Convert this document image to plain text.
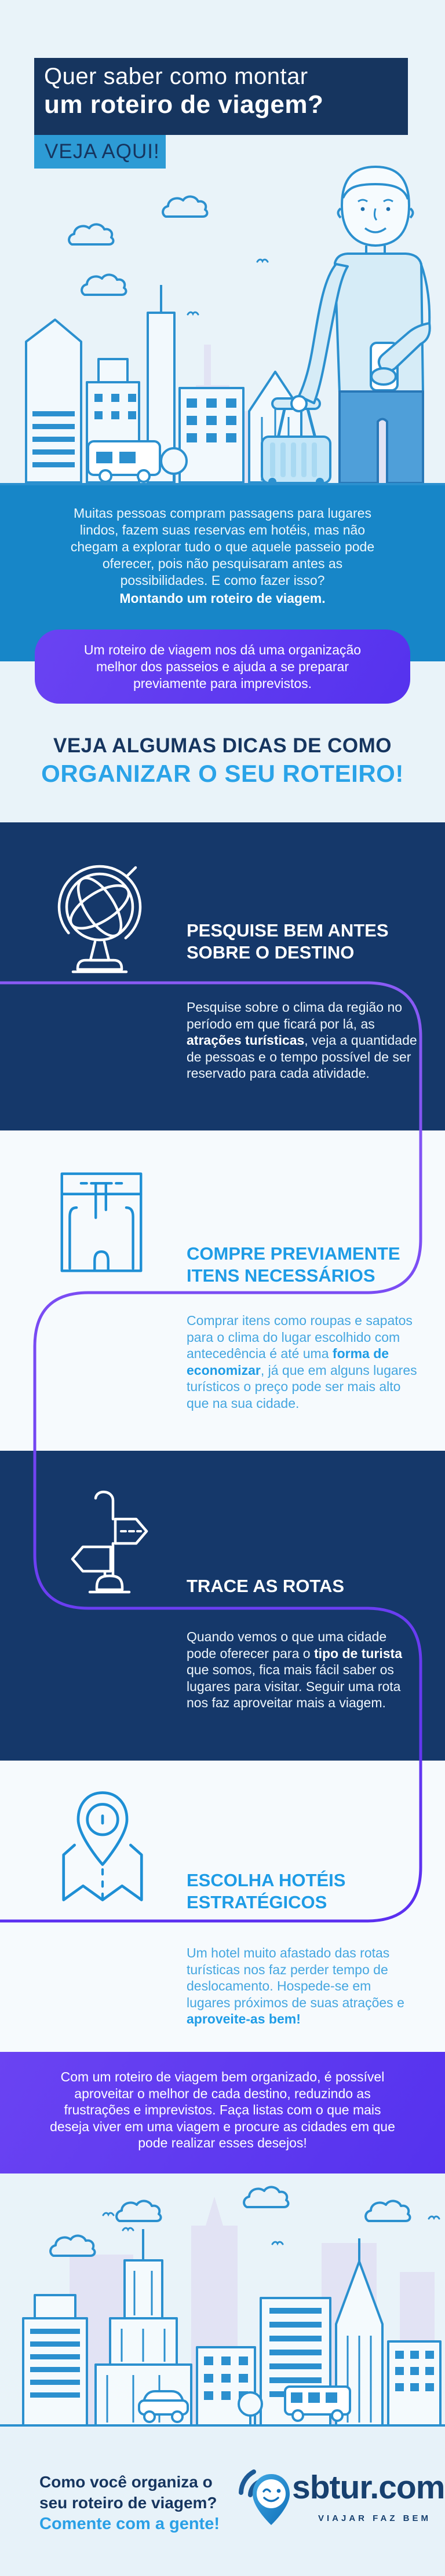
Quer saber como montar
um roteiro de viagem?
VEJA AQUI!
Muitas pessoas compram passagens para lugares lindos, fazem suas reservas em hotéis, mas não chegam a explorar tudo o que aquele passeio pode oferecer, pois não pesquisaram antes as possibilidades. E como fazer isso?
Montando um roteiro de viagem.
Um roteiro de viagem nos dá uma organização melhor dos passeios e ajuda a se preparar previamente para imprevistos.
VEJA ALGUMAS DICAS DE COMO
ORGANIZAR O SEU ROTEIRO!
PESQUISE BEM ANTES
SOBRE O DESTINO
Pesquise sobre o clima da região no período em que ficará por lá, as atrações turísticas, veja a quantidade de pessoas e o tempo possível de ser reservado para cada atividade.
COMPRE PREVIAMENTE
ITENS NECESSÁRIOS
Comprar itens como roupas e sapatos para o clima do lugar escolhido com antecedência é até uma forma de economizar, já que em alguns lugares turísticos o preço pode ser mais alto que na sua cidade.
TRACE AS ROTAS
Quando vemos o que uma cidade pode oferecer para o tipo de turista que somos, fica mais fácil saber os lugares para visitar. Seguir uma rota nos faz aproveitar mais a viagem.
ESCOLHA HOTÉIS
ESTRATÉGICOS
Um hotel muito afastado das rotas turísticas nos faz perder tempo de deslocamento. Hospede-se em lugares próximos de suas atrações e aproveite-as bem!
Com um roteiro de viagem bem organizado, é possível aproveitar o melhor de cada destino, reduzindo as frustrações e imprevistos. Faça listas com o que mais deseja viver em uma viagem e procure as cidades em que pode realizar esses desejos!
Como você organiza o
seu roteiro de viagem?
Comente com a gente!
sbtur.com
VIAJAR FAZ BEM
